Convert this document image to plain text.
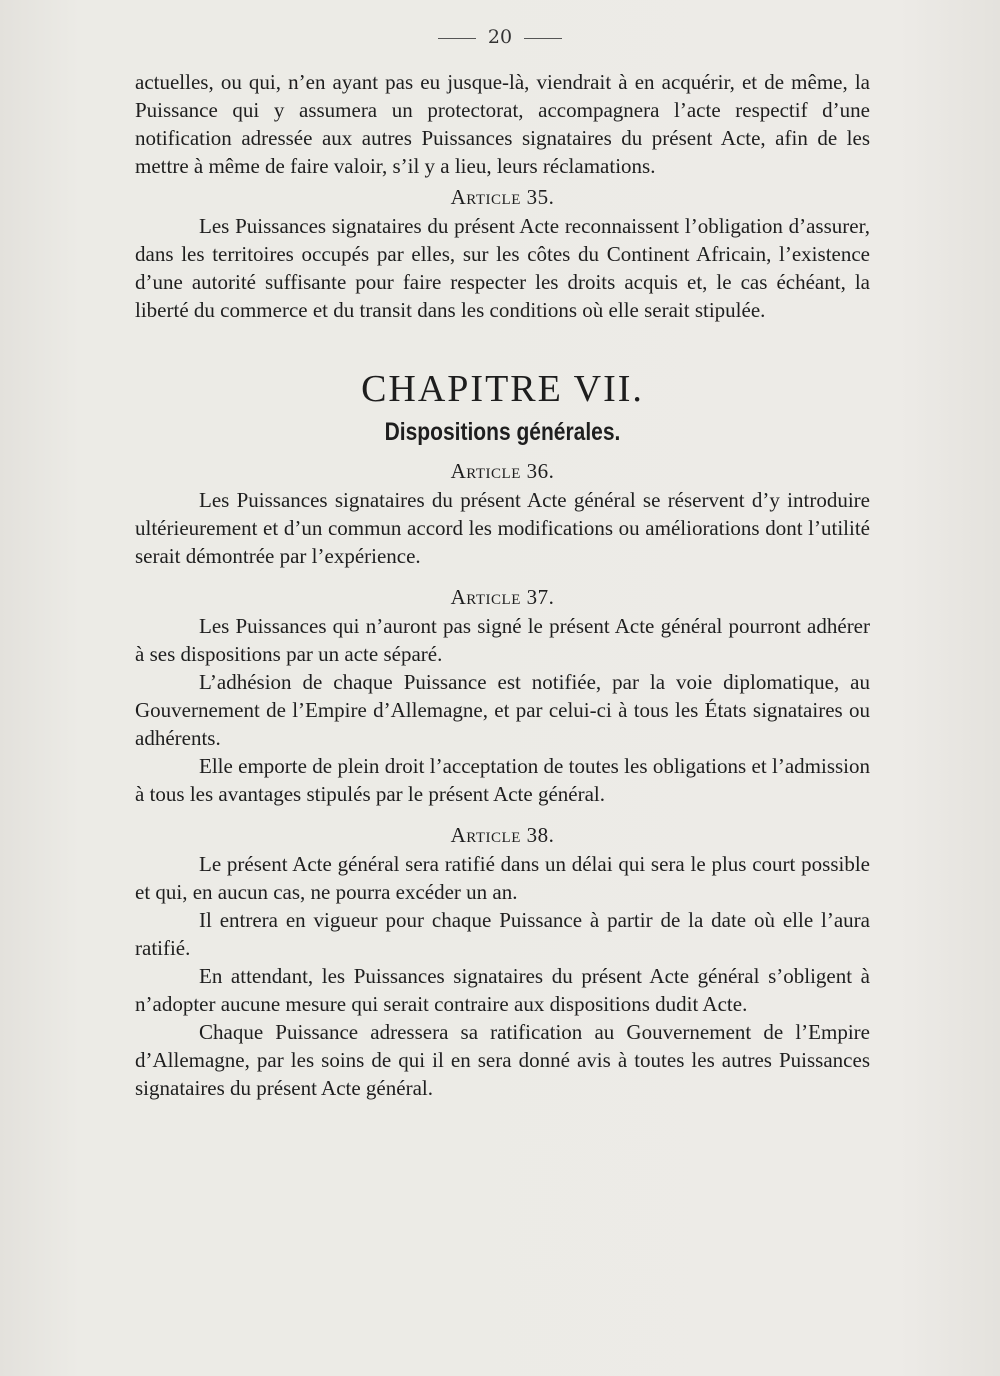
20

actuelles, ou qui, n’en ayant pas eu jusque-là, viendrait à en acquérir, et de même, la Puissance qui y assumera un protectorat, accompagnera l’acte respectif d’une notification adressée aux autres Puissances signataires du présent Acte, afin de les mettre à même de faire valoir, s’il y a lieu, leurs réclamations.

Article 35.

Les Puissances signataires du présent Acte reconnaissent l’obligation d’assurer, dans les territoires occupés par elles, sur les côtes du Continent Africain, l’existence d’une autorité suffisante pour faire respecter les droits acquis et, le cas échéant, la liberté du commerce et du transit dans les conditions où elle serait stipulée.

CHAPITRE VII.
Dispositions générales.
Article 36.

Les Puissances signataires du présent Acte général se réservent d’y introduire ultérieurement et d’un commun accord les modifications ou améliorations dont l’utilité serait démontrée par l’expérience.

Article 37.

Les Puissances qui n’auront pas signé le présent Acte général pourront adhérer à ses dispositions par un acte séparé.

L’adhésion de chaque Puissance est notifiée, par la voie diplomatique, au Gouvernement de l’Empire d’Allemagne, et par celui-ci à tous les États signataires ou adhérents.

Elle emporte de plein droit l’acceptation de toutes les obligations et l’admission à tous les avantages stipulés par le présent Acte général.

Article 38.

Le présent Acte général sera ratifié dans un délai qui sera le plus court possible et qui, en aucun cas, ne pourra excéder un an.

Il entrera en vigueur pour chaque Puissance à partir de la date où elle l’aura ratifié.

En attendant, les Puissances signataires du présent Acte général s’obligent à n’adopter aucune mesure qui serait contraire aux dispositions dudit Acte.

Chaque Puissance adressera sa ratification au Gouvernement de l’Empire d’Allemagne, par les soins de qui il en sera donné avis à toutes les autres Puissances signataires du présent Acte général.
